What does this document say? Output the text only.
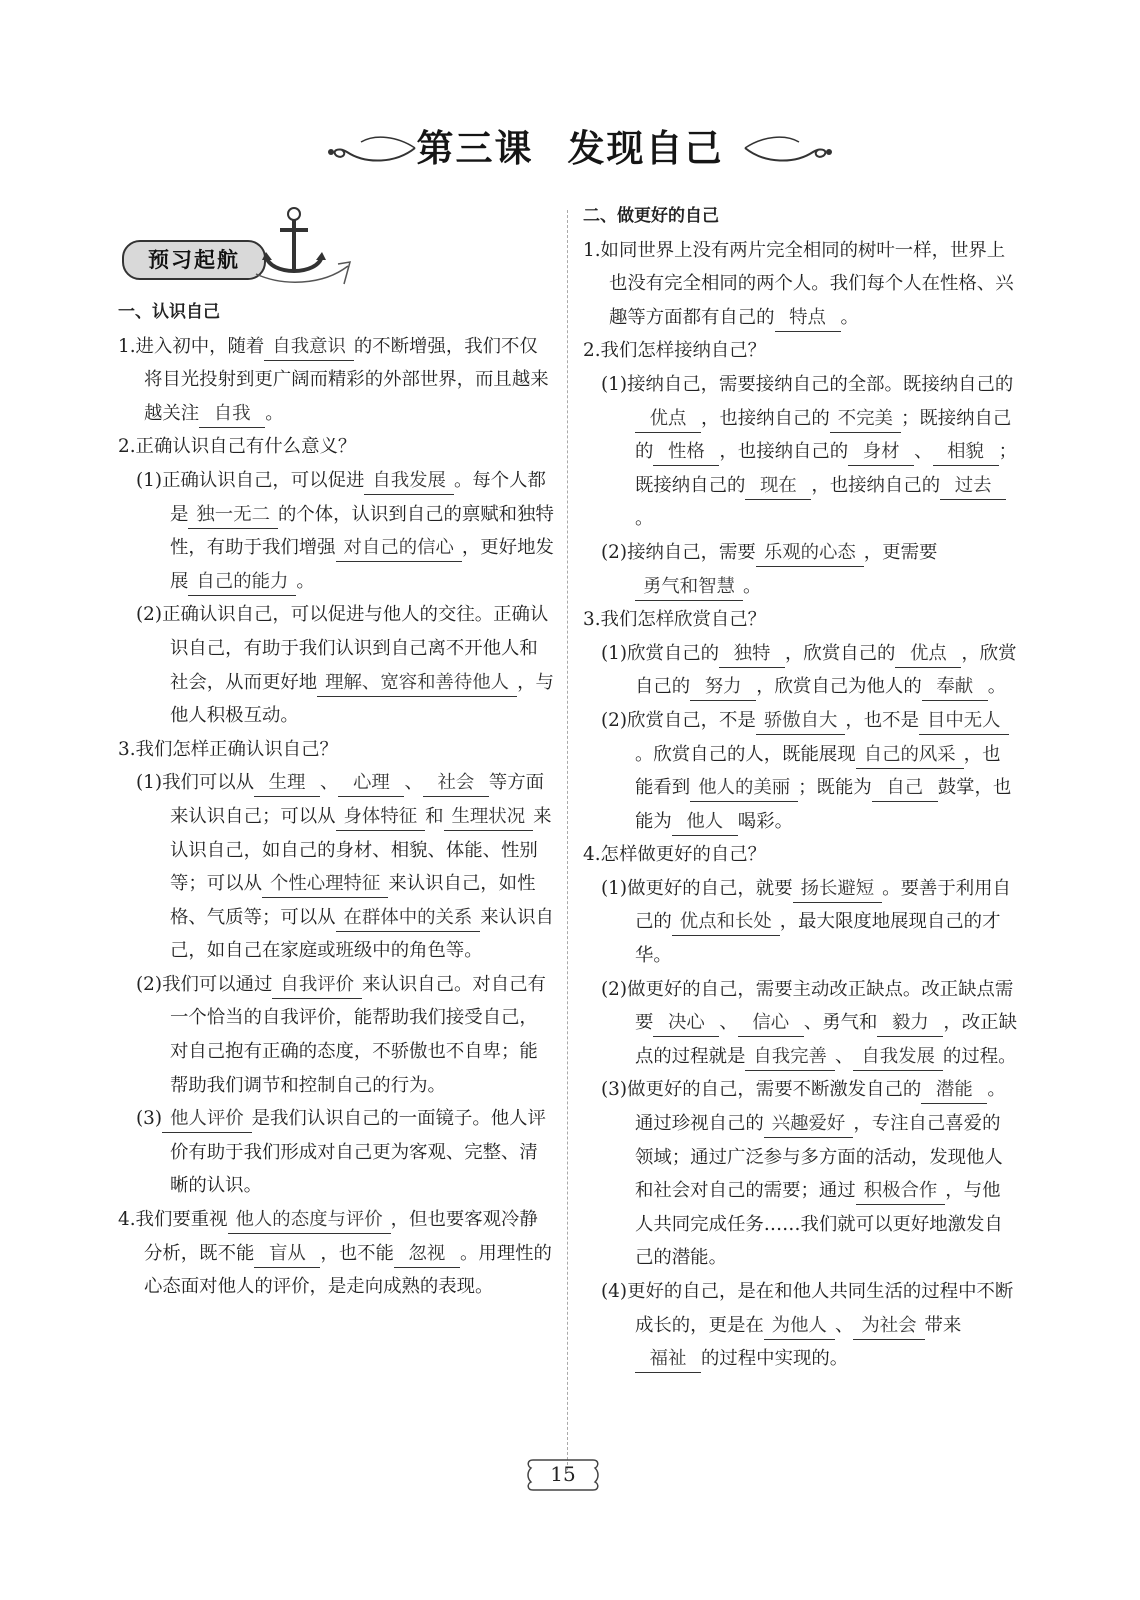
第三课 发现自己
预习起航
一、认识自己
1.进入初中，随着 自我意识 的不断增强，我们不仅将目光投射到更广阔而精彩的外部世界，而且越来越关注 自我 。
2.正确认识自己有什么意义？
(1)正确认识自己，可以促进 自我发展 。每个人都是 独一无二 的个体，认识到自己的禀赋和独特性，有助于我们增强 对自己的信心 ，更好地发展 自己的能力 。
(2)正确认识自己，可以促进与他人的交往。正确认识自己，有助于我们认识到自己离不开他人和社会，从而更好地 理解、宽容和善待他人 ，与他人积极互动。
3.我们怎样正确认识自己？
(1)我们可以从 生理 、 心理 、 社会 等方面来认识自己；可以从 身体特征 和 生理状况 来认识自己，如自己的身材、相貌、体能、性别等；可以从 个性心理特征 来认识自己，如性格、气质等；可以从 在群体中的关系 来认识自己，如自己在家庭或班级中的角色等。
(2)我们可以通过 自我评价 来认识自己。对自己有一个恰当的自我评价，能帮助我们接受自己，对自己抱有正确的态度，不骄傲也不自卑；能帮助我们调节和控制自己的行为。
(3) 他人评价 是我们认识自己的一面镜子。他人评价有助于我们形成对自己更为客观、完整、清晰的认识。
4.我们要重视 他人的态度与评价 ，但也要客观冷静分析，既不能 盲从 ，也不能 忽视 。用理性的心态面对他人的评价，是走向成熟的表现。
二、做更好的自己
1.如同世界上没有两片完全相同的树叶一样，世界上也没有完全相同的两个人。我们每个人在性格、兴趣等方面都有自己的 特点 。
2.我们怎样接纳自己？
(1)接纳自己，需要接纳自己的全部。既接纳自己的优点 ，也接纳自己的 不完美 ；既接纳自己的 性格 ，也接纳自己的 身材 、 相貌 ；既接纳自己的 现在 ，也接纳自己的 过去。
(2)接纳自己，需要 乐观的心态 ，更需要勇气和智慧 。
3.我们怎样欣赏自己？
(1)欣赏自己的 独特 ，欣赏自己的 优点 ，欣赏自己的 努力 ，欣赏自己为他人的 奉献 。
(2)欣赏自己，不是 骄傲自大 ，也不是 目中无人。欣赏自己的人，既能展现 自己的风采 ，也能看到 他人的美丽 ；既能为 自己 鼓掌，也能为 他人 喝彩。
4.怎样做更好的自己？
(1)做更好的自己，就要 扬长避短 。要善于利用自己的 优点和长处 ，最大限度地展现自己的才华。
(2)做更好的自己，需要主动改正缺点。改正缺点需要 决心 、 信心 、勇气和 毅力 ，改正缺点的过程就是 自我完善 、 自我发展 的过程。
(3)做更好的自己，需要不断激发自己的 潜能 。通过珍视自己的 兴趣爱好 ，专注自己喜爱的领域；通过广泛参与多方面的活动，发现他人和社会对自己的需要；通过 积极合作 ，与他人共同完成任务……我们就可以更好地激发自己的潜能。
(4)更好的自己，是在和他人共同生活的过程中不断成长的，更是在 为他人 、 为社会 带来福祉 的过程中实现的。
15
